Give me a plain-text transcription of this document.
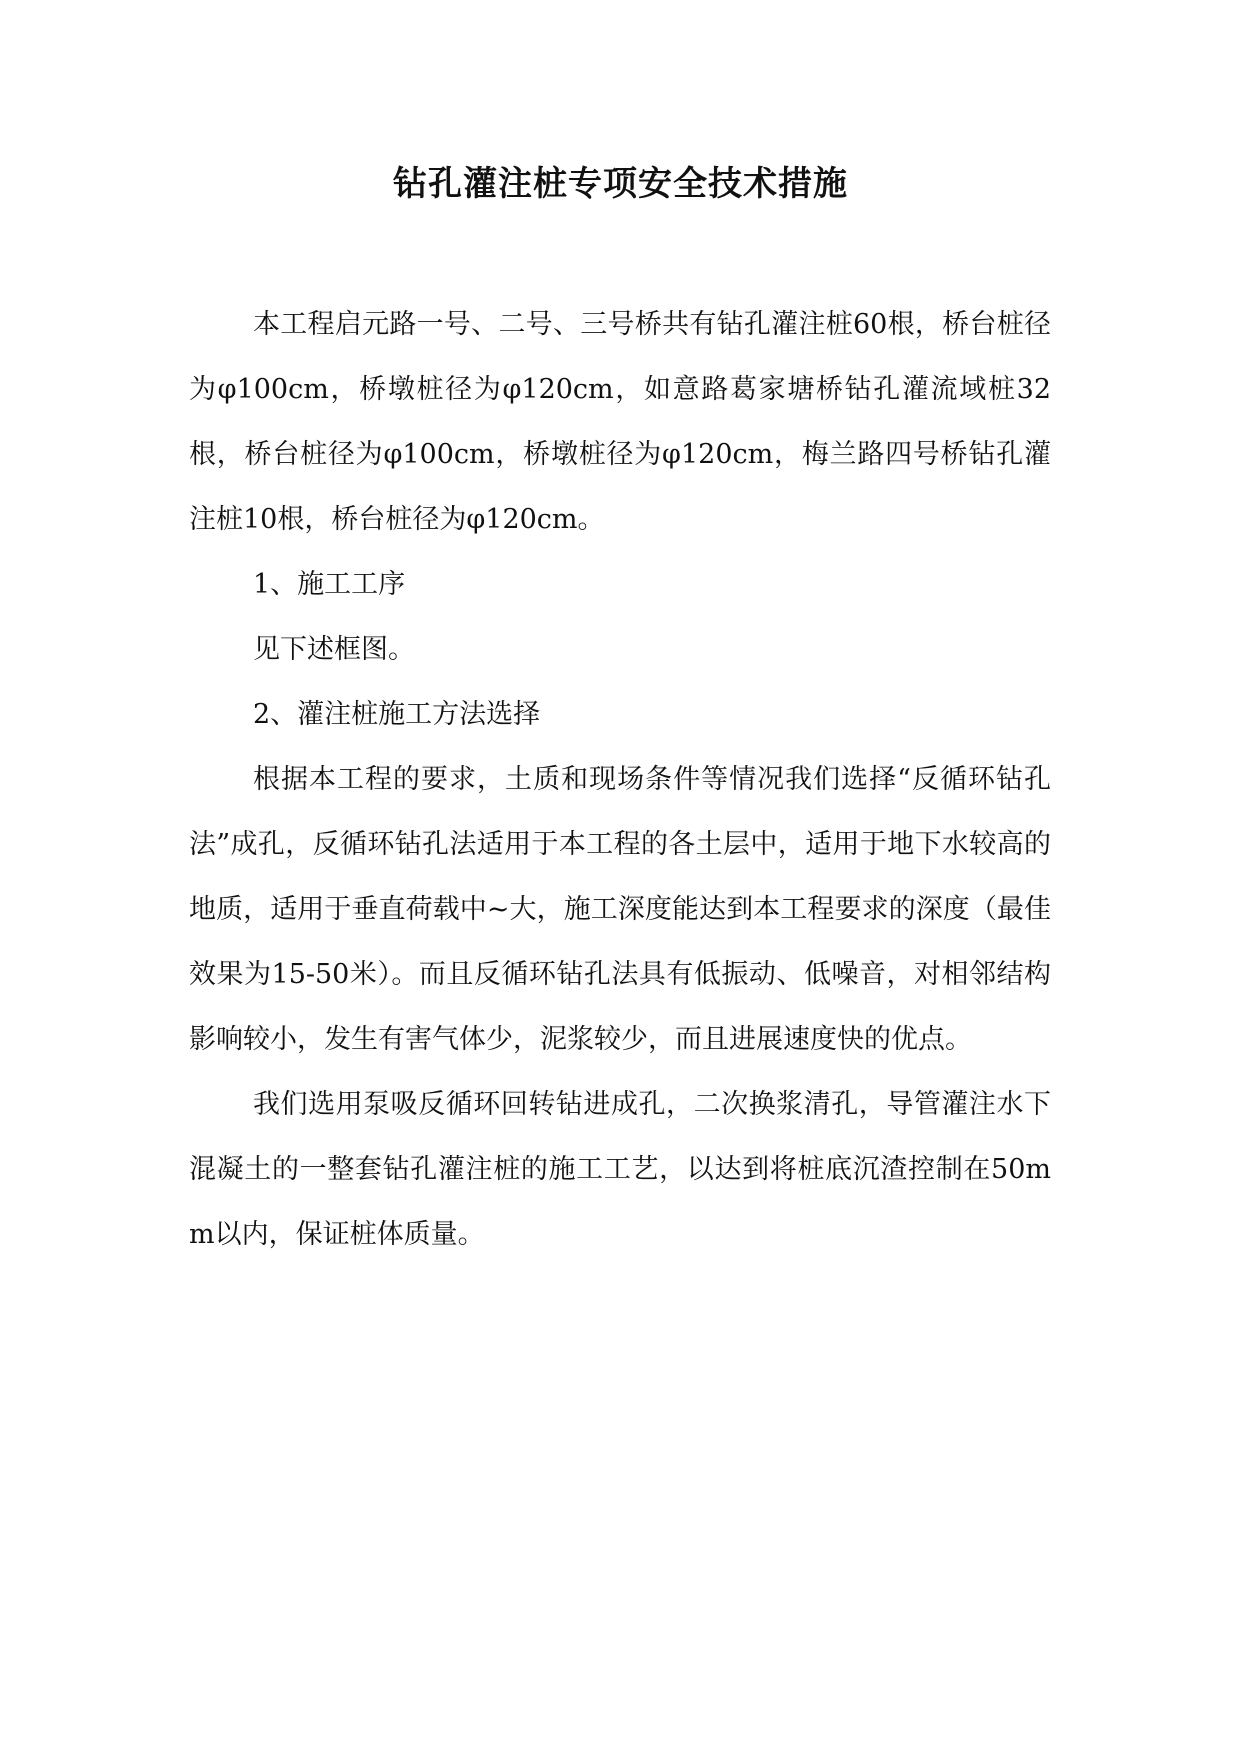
钻孔灌注桩专项安全技术措施

本工程启元路一号、二号、三号桥共有钻孔灌注桩60根，桥台桩径为φ100cm，桥墩桩径为φ120cm，如意路葛家塘桥钻孔灌流域桩32根，桥台桩径为φ100cm，桥墩桩径为φ120cm，梅兰路四号桥钻孔灌注桩10根，桥台桩径为φ120cm。

1、施工工序

见下述框图。

2、灌注桩施工方法选择

根据本工程的要求，土质和现场条件等情况我们选择“反循环钻孔法”成孔，反循环钻孔法适用于本工程的各土层中，适用于地下水较高的地质，适用于垂直荷载中~大，施工深度能达到本工程要求的深度（最佳效果为15-50米）。而且反循环钻孔法具有低振动、低噪音，对相邻结构影响较小，发生有害气体少，泥浆较少，而且进展速度快的优点。

我们选用泵吸反循环回转钻进成孔，二次换浆清孔，导管灌注水下混凝土的一整套钻孔灌注桩的施工工艺，以达到将桩底沉渣控制在50mm以内，保证桩体质量。
